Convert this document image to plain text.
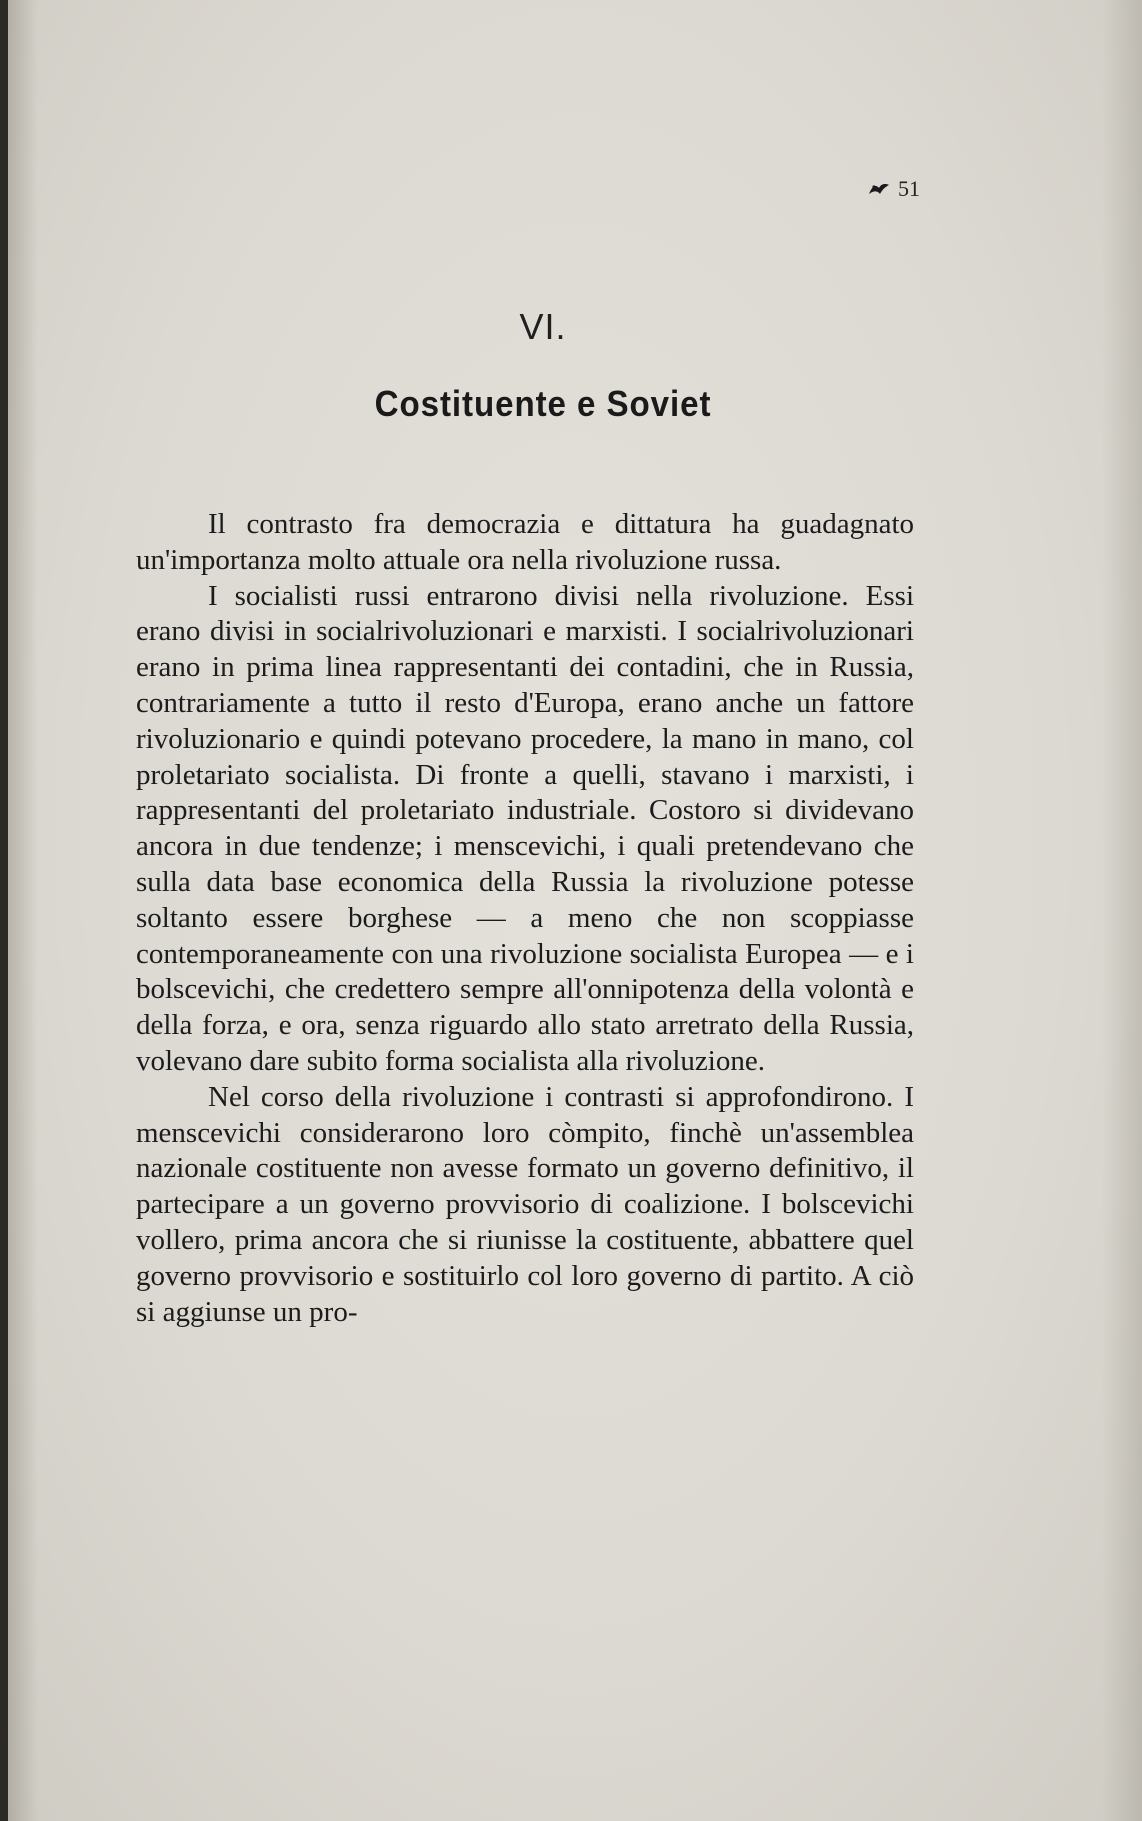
51
VI.
Costituente e Soviet

Il contrasto fra democrazia e dittatura ha guadagnato un'importanza molto attuale ora nella rivoluzione russa.

I socialisti russi entrarono divisi nella rivoluzione. Essi erano divisi in socialrivoluzionari e marxisti. I socialrivoluzionari erano in prima linea rappresentanti dei contadini, che in Russia, contrariamente a tutto il resto d'Europa, erano anche un fattore rivoluzionario e quindi potevano procedere, la mano in mano, col proletariato socialista. Di fronte a quelli, stavano i marxisti, i rappresentanti del proletariato industriale. Costoro si dividevano ancora in due tendenze; i menscevichi, i quali pretendevano che sulla data base economica della Russia la rivoluzione potesse soltanto essere borghese — a meno che non scoppiasse contemporaneamente con una rivoluzione socialista Europea — e i bolscevichi, che credettero sempre all'onnipotenza della volontà e della forza, e ora, senza riguardo allo stato arretrato della Russia, volevano dare subito forma socialista alla rivoluzione.

Nel corso della rivoluzione i contrasti si approfondirono. I menscevichi considerarono loro còmpito, finchè un'assemblea nazionale costituente non avesse formato un governo definitivo, il partecipare a un governo provvisorio di coalizione. I bolscevichi vollero, prima ancora che si riunisse la costituente, abbattere quel governo provvisorio e sostituirlo col loro governo di partito. A ciò si aggiunse un pro-
